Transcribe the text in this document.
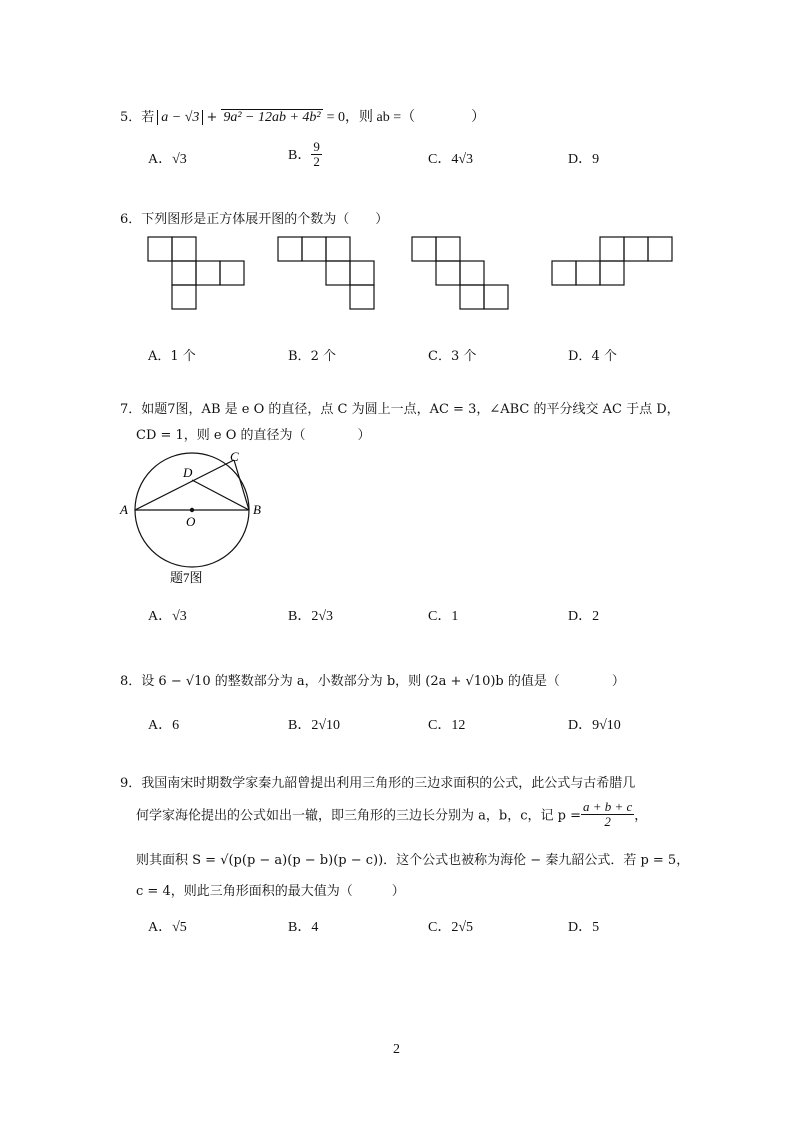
5．若 a − √3 + 9a² − 12ab + 4b² = 0，则 ab =（　　　　）
A．√3	B． $\frac{9}{2}$	C．4√3	D．9
6．下列图形是正方体展开图的个数为（　　）
A．1 个	B．2 个	C．3 个	D．4 个
7．如题7图，AB 是 e O 的直径，点 C 为圆上一点，AC = 3，∠ABC 的平分线交 AC 于点 D，
CD = 1，则 e O 的直径为（　　　　）
A	B
C
D
O
题7图
A．√3	B．2√3	C．1	D．2
8．设 6 − √10 的整数部分为 a，小数部分为 b，则 (2a + √10)b 的值是（　　　　）
A．6	B．2√10	C．12	D．9√10
9．我国南宋时期数学家秦九韶曾提出利用三角形的三边求面积的公式，此公式与古希腊几
何学家海伦提出的公式如出一辙，即三角形的三边长分别为 a，b，c，记 $p = \frac{a + b + c}{2}$ ，
则其面积 S = √(p(p − a)(p − b)(p − c))．这个公式也被称为海伦 − 秦九韶公式．若 p = 5，
c = 4，则此三角形面积的最大值为（　　　）
A．√5	B．4	C．2√5	D．5
2
